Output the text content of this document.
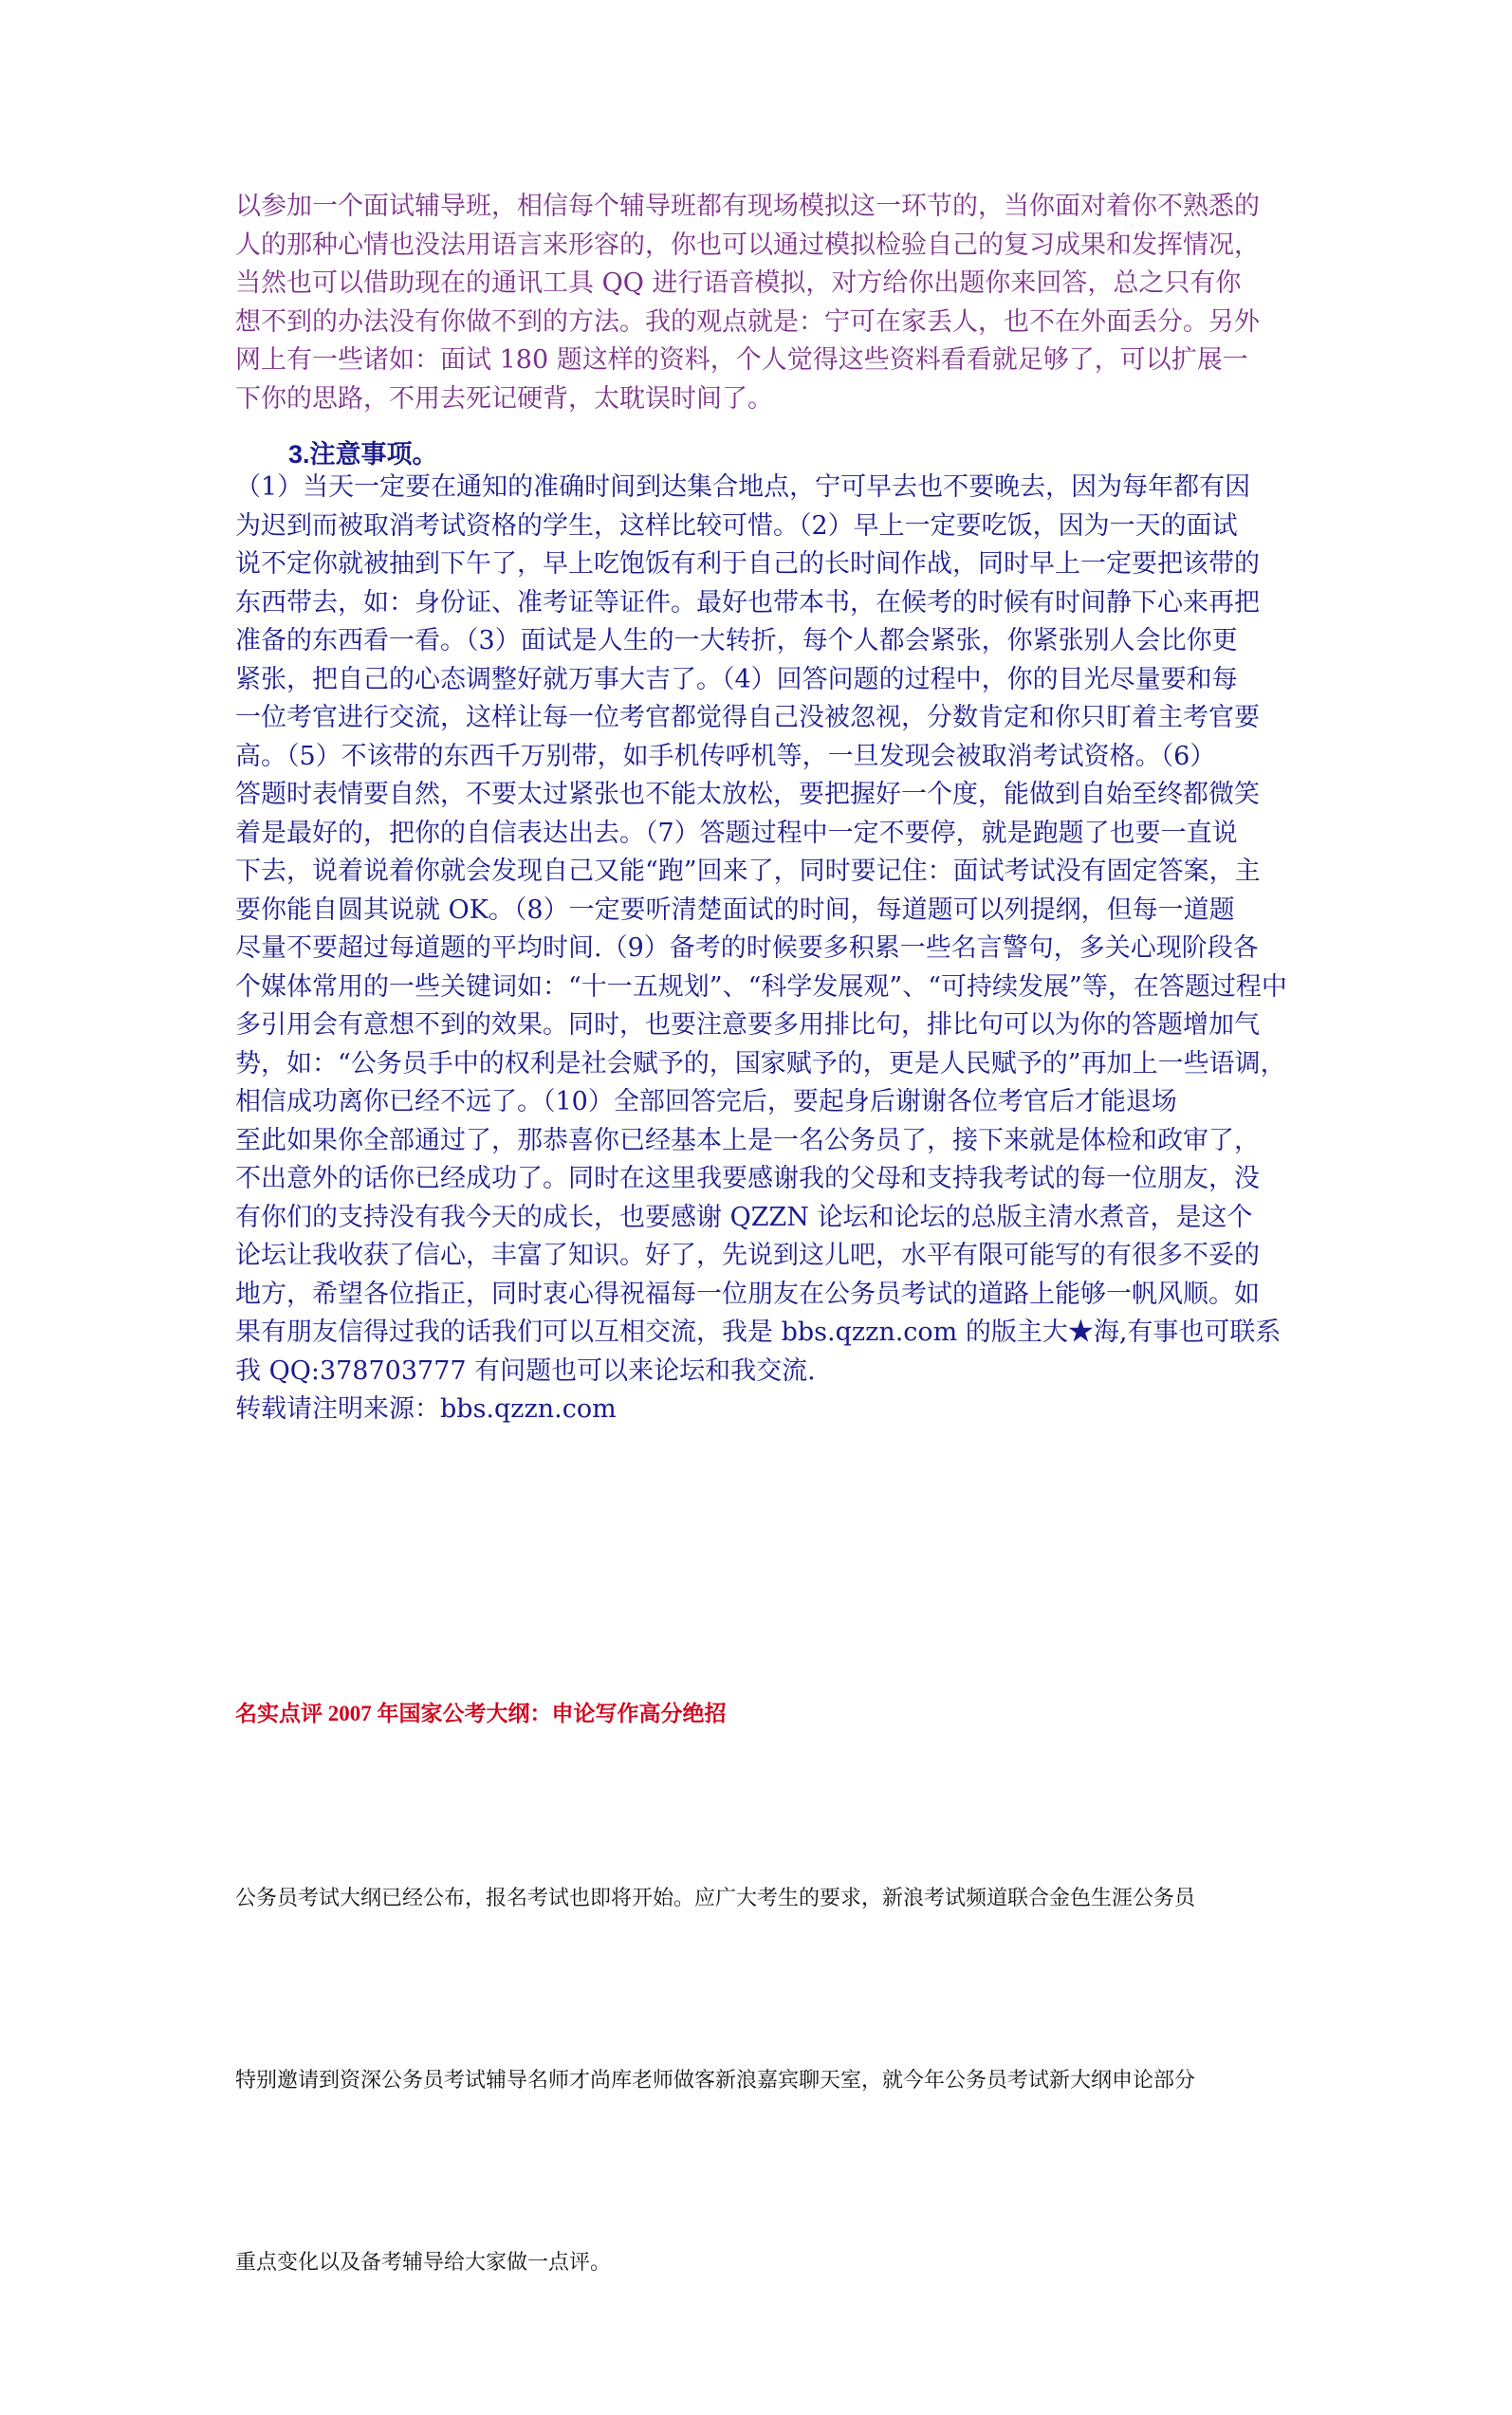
以参加一个面试辅导班，相信每个辅导班都有现场模拟这一环节的，当你面对着你不熟悉的

人的那种心情也没法用语言来形容的，你也可以通过模拟检验自己的复习成果和发挥情况，

当然也可以借助现在的通讯工具 QQ 进行语音模拟，对方给你出题你来回答，总之只有你

想不到的办法没有你做不到的方法。我的观点就是：宁可在家丢人，也不在外面丢分。另外

网上有一些诸如：面试 180 题这样的资料，个人觉得这些资料看看就足够了，可以扩展一

下你的思路，不用去死记硬背，太耽误时间了。

3.注意事项。

（1）当天一定要在通知的准确时间到达集合地点，宁可早去也不要晚去，因为每年都有因

为迟到而被取消考试资格的学生，这样比较可惜。（2）早上一定要吃饭，因为一天的面试

说不定你就被抽到下午了，早上吃饱饭有利于自己的长时间作战，同时早上一定要把该带的

东西带去，如：身份证、准考证等证件。最好也带本书，在候考的时候有时间静下心来再把

准备的东西看一看。（3）面试是人生的一大转折，每个人都会紧张，你紧张别人会比你更

紧张，把自己的心态调整好就万事大吉了。（4）回答问题的过程中，你的目光尽量要和每

一位考官进行交流，这样让每一位考官都觉得自己没被忽视，分数肯定和你只盯着主考官要

高。（5）不该带的东西千万别带，如手机传呼机等，一旦发现会被取消考试资格。（6）

答题时表情要自然，不要太过紧张也不能太放松，要把握好一个度，能做到自始至终都微笑

着是最好的，把你的自信表达出去。（7）答题过程中一定不要停，就是跑题了也要一直说

下去，说着说着你就会发现自己又能“跑”回来了，同时要记住：面试考试没有固定答案，主

要你能自圆其说就 OK。（8）一定要听清楚面试的时间，每道题可以列提纲，但每一道题

尽量不要超过每道题的平均时间.（9）备考的时候要多积累一些名言警句，多关心现阶段各

个媒体常用的一些关键词如：“十一五规划”、“科学发展观”、“可持续发展”等，在答题过程中

多引用会有意想不到的效果。同时，也要注意要多用排比句，排比句可以为你的答题增加气

势，如：“公务员手中的权利是社会赋予的，国家赋予的，更是人民赋予的”再加上一些语调，

相信成功离你已经不远了。（10）全部回答完后，要起身后谢谢各位考官后才能退场

至此如果你全部通过了，那恭喜你已经基本上是一名公务员了，接下来就是体检和政审了，

不出意外的话你已经成功了。同时在这里我要感谢我的父母和支持我考试的每一位朋友，没

有你们的支持没有我今天的成长，也要感谢 QZZN 论坛和论坛的总版主清水煮音，是这个

论坛让我收获了信心，丰富了知识。好了，先说到这儿吧，水平有限可能写的有很多不妥的

地方，希望各位指正，同时衷心得祝福每一位朋友在公务员考试的道路上能够一帆风顺。如

果有朋友信得过我的话我们可以互相交流，我是 bbs.qzzn.com 的版主大★海,有事也可联系

我 QQ:378703777 有问题也可以来论坛和我交流.

转载请注明来源：bbs.qzzn.com

名实点评 2007 年国家公考大纲：申论写作高分绝招

公务员考试大纲已经公布，报名考试也即将开始。应广大考生的要求，新浪考试频道联合金色生涯公务员

特别邀请到资深公务员考试辅导名师才尚库老师做客新浪嘉宾聊天室，就今年公务员考试新大纲申论部分

重点变化以及备考辅导给大家做一点评。
